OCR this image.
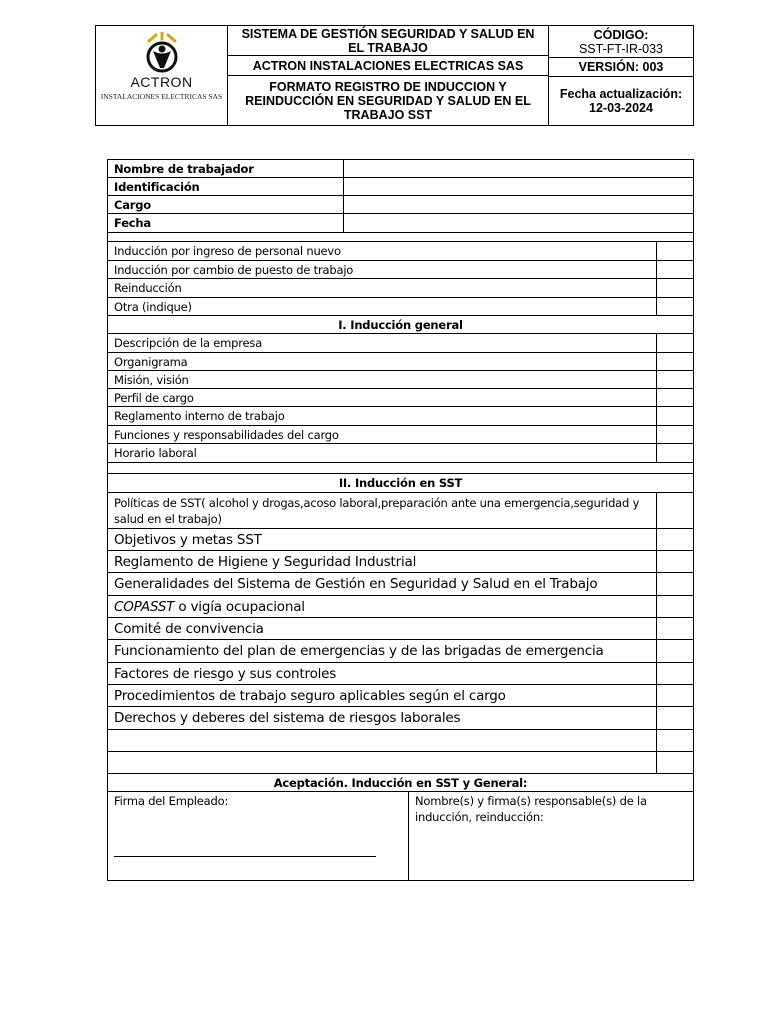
ACTRON
INSTALACIONES ELECTRICAS SAS
SISTEMA DE GESTIÓN SEGURIDAD Y SALUD EN EL TRABAJO
ACTRON INSTALACIONES ELECTRICAS SAS
FORMATO REGISTRO DE INDUCCION Y REINDUCCIÓN EN SEGURIDAD Y SALUD EN EL TRABAJO SST
CÓDIGO:
SST-FT-IR-033
VERSIÓN: 003
Fecha actualización:
12-03-2024
Nombre de trabajador
Identificación
Cargo
Fecha
Inducción por ingreso de personal nuevo
Inducción por cambio de puesto de trabajo
Reinducción
Otra (indique)
I. Inducción general
Descripción de la empresa
Organigrama
Misión, visión
Perfil de cargo
Reglamento interno de trabajo
Funciones y responsabilidades del cargo
Horario laboral
II. Inducción en SST
Políticas de SST( alcohol y drogas,acoso laboral,preparación ante una emergencia,seguridad y salud en el trabajo)
Objetivos y metas SST
Reglamento de Higiene y Seguridad Industrial
Generalidades del Sistema de Gestión en Seguridad y Salud en el Trabajo
COPASST
o vigía ocupacional
Comité de convivencia
Funcionamiento del plan de emergencias y de las brigadas de emergencia
Factores de riesgo y sus controles
Procedimientos de trabajo seguro aplicables según el cargo
Derechos y deberes del sistema de riesgos laborales
Aceptación. Inducción en SST y General:
Firma del Empleado:	Nombre(s) y firma(s) responsable(s) de la inducción, reinducción:
